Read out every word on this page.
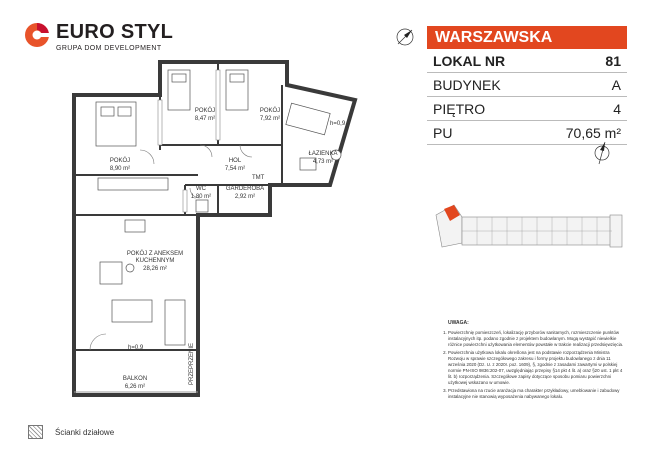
EURO STYL
GRUPA DOM DEVELOPMENT
POKÓJ
8,90 m²
POKÓJ
8,47 m²
POKÓJ
7,92 m²
ŁAZIENKA
4,73 m²
HOL
7,54 m²
WC
1,80 m²
GARDEROBA
2,92 m²
POKÓJ Z ANEKSEM
KUCHENNYM
28,26 m²
BALKON
6,26 m²
TMT
h=0,9
h=0,9
PRZEPRZENIE
Ścianki działowe
WARSZAWSKA
LOKAL NR	81
BUDYNEK	A
PIĘTRO	4
PU	70,65 m²
UWAGA:
1. Powierzchnię pomieszczeń, lokalizację przyborów sanitarnych, rozmieszczenie punktów instalacyjnych itp. podano zgodnie z projektem budowlanym. Mogą wystąpić niewielkie różnice powierzchni użytkowania elementów powstałe w trakcie realizacji przedsięwzięcia.
2. Powierzchnia użytkowa lokalu określona jest na podstawie rozporządzenia Ministra Rozwoju w sprawie szczegółowego zakresu i formy projektu budowlanego z dnia 11 września 2020 (Dz. U. z 2020r. poz. 1609), §, zgodnie z zasadami zawartymi w polskiej normie PN-ISO 9836:202-07, uwzględniając przepisy §14 pkt 4 lit. a) oraz §20 ust. 1 pkt 4 lit. b) rozporządzenia. Szczegółowe zapisy dotyczące sposobu pomiaru powierzchni użytkowej wskazano w umowie.
3. Przedstawiona na rzucie aranżacja ma charakter przykładowy, umeblowanie i zabudowy instalacyjne nie stanowią wyposażenia nabywanego lokalu.
